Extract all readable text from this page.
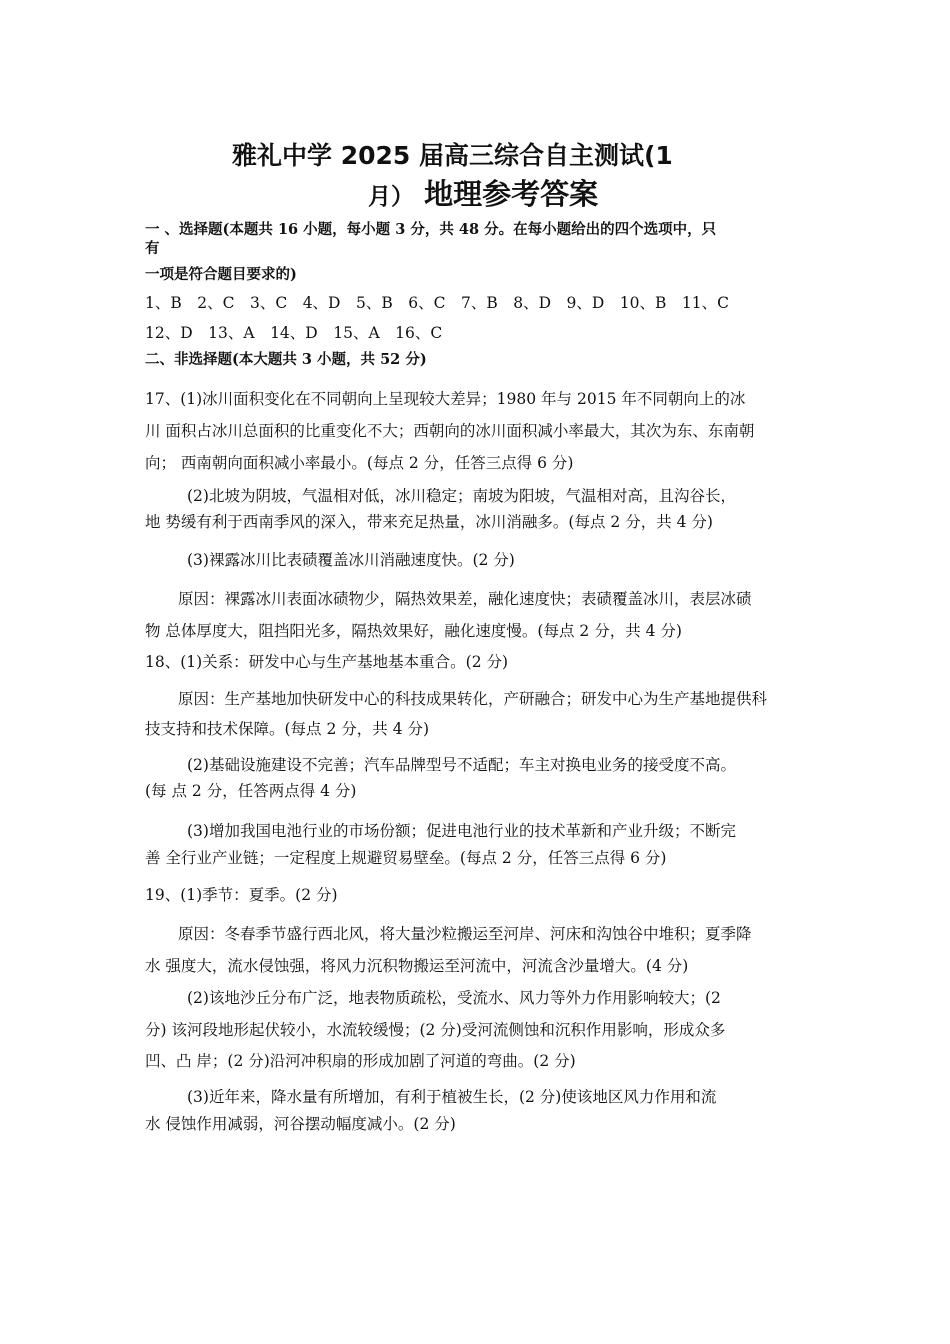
雅礼中学 2025 届高三综合自主测试(1
月） 地理参考答案
一 、选择题(本题共 16 小题，每小题 3 分，共 48 分。在每小题给出的四个选项中，只
有
一项是符合题目要求的)
1、B　2、C　3、C　4、D　5、B　6、C　7、B　8、D　9、D　10、B　11、C
12、D　13、A　14、D　15、A　16、C
二、非选择题(本大题共 3 小题，共 52 分)
17、(1)冰川面积变化在不同朝向上呈现较大差异；1980 年与 2015 年不同朝向上的冰
川 面积占冰川总面积的比重变化不大；西朝向的冰川面积减小率最大，其次为东、东南朝
向； 西南朝向面积减小率最小。(每点 2 分，任答三点得 6 分)
(2)北坡为阴坡，气温相对低，冰川稳定；南坡为阳坡，气温相对高，且沟谷长，
地 势缓有利于西南季风的深入，带来充足热量，冰川消融多。(每点 2 分，共 4 分)
(3)裸露冰川比表碛覆盖冰川消融速度快。(2 分)
原因：裸露冰川表面冰碛物少，隔热效果差，融化速度快；表碛覆盖冰川，表层冰碛
物 总体厚度大，阻挡阳光多，隔热效果好，融化速度慢。(每点 2 分，共 4 分)
18、(1)关系：研发中心与生产基地基本重合。(2 分)
原因：生产基地加快研发中心的科技成果转化，产研融合；研发中心为生产基地提供科
技支持和技术保障。(每点 2 分，共 4 分)
(2)基础设施建设不完善；汽车品牌型号不适配；车主对换电业务的接受度不高。
(每 点 2 分，任答两点得 4 分)
(3)增加我国电池行业的市场份额；促进电池行业的技术革新和产业升级；不断完
善 全行业产业链；一定程度上规避贸易壁垒。(每点 2 分，任答三点得 6 分)
19、(1)季节：夏季。(2 分)
原因：冬春季节盛行西北风，将大量沙粒搬运至河岸、河床和沟蚀谷中堆积；夏季降
水 强度大，流水侵蚀强，将风力沉积物搬运至河流中，河流含沙量增大。(4 分)
(2)该地沙丘分布广泛，地表物质疏松，受流水、风力等外力作用影响较大；(2
分) 该河段地形起伏较小，水流较缓慢；(2 分)受河流侧蚀和沉积作用影响，形成众多
凹、凸 岸；(2 分)沿河冲积扇的形成加剧了河道的弯曲。(2 分)
(3)近年来，降水量有所增加，有利于植被生长，(2 分)使该地区风力作用和流
水 侵蚀作用减弱，河谷摆动幅度减小。(2 分)
